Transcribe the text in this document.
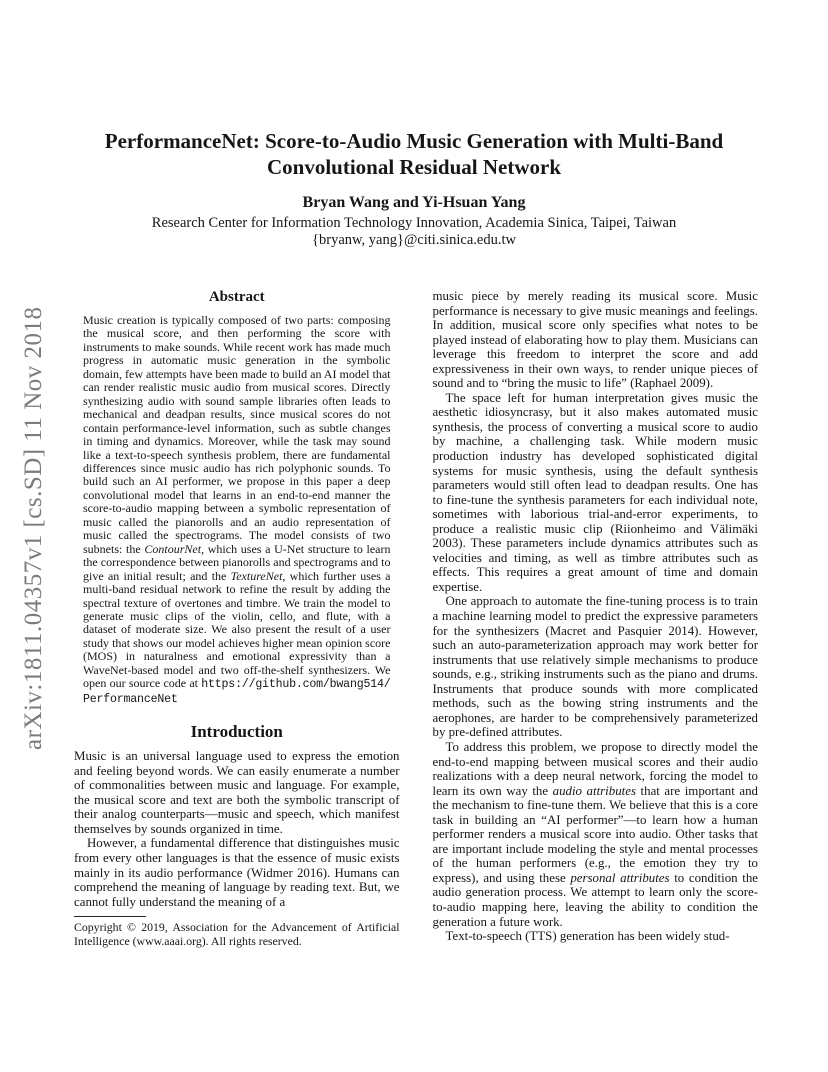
arXiv:1811.04357v1 [cs.SD] 11 Nov 2018
PerformanceNet: Score-to-Audio Music Generation with Multi-Band
Convolutional Residual Network
Bryan Wang and Yi-Hsuan Yang
Research Center for Information Technology Innovation, Academia Sinica, Taipei, Taiwan
{bryanw, yang}@citi.sinica.edu.tw
Abstract

Music creation is typically composed of two parts: composing the musical score, and then performing the score with instruments to make sounds. While recent work has made much progress in automatic music generation in the symbolic domain, few attempts have been made to build an AI model that can render realistic music audio from musical scores. Directly synthesizing audio with sound sample libraries often leads to mechanical and deadpan results, since musical scores do not contain performance-level information, such as subtle changes in timing and dynamics. Moreover, while the task may sound like a text-to-speech synthesis problem, there are fundamental differences since music audio has rich polyphonic sounds. To build such an AI performer, we propose in this paper a deep convolutional model that learns in an end-to-end manner the score-to-audio mapping between a symbolic representation of music called the pianorolls and an audio representation of music called the spectrograms. The model consists of two subnets: the ContourNet, which uses a U-Net structure to learn the correspondence between pianorolls and spectrograms and to give an initial result; and the TextureNet, which further uses a multi-band residual network to refine the result by adding the spectral texture of overtones and timbre. We train the model to generate music clips of the violin, cello, and flute, with a dataset of moderate size. We also present the result of a user study that shows our model achieves higher mean opinion score (MOS) in naturalness and emotional expressivity than a WaveNet-based model and two off-the-shelf synthesizers. We open our source code at https://github.com/bwang514/PerformanceNet

Introduction

Music is an universal language used to express the emotion and feeling beyond words. We can easily enumerate a number of commonalities between music and language. For example, the musical score and text are both the symbolic transcript of their analog counterparts—music and speech, which manifest themselves by sounds organized in time.

However, a fundamental difference that distinguishes music from every other languages is that the essence of music exists mainly in its audio performance (Widmer 2016). Humans can comprehend the meaning of language by reading text. But, we cannot fully understand the meaning of a

Copyright © 2019, Association for the Advancement of Artificial Intelligence (www.aaai.org). All rights reserved.

music piece by merely reading its musical score. Music performance is necessary to give music meanings and feelings. In addition, musical score only specifies what notes to be played instead of elaborating how to play them. Musicians can leverage this freedom to interpret the score and add expressiveness in their own ways, to render unique pieces of sound and to “bring the music to life” (Raphael 2009).

The space left for human interpretation gives music the aesthetic idiosyncrasy, but it also makes automated music synthesis, the process of converting a musical score to audio by machine, a challenging task. While modern music production industry has developed sophisticated digital systems for music synthesis, using the default synthesis parameters would still often lead to deadpan results. One has to fine-tune the synthesis parameters for each individual note, sometimes with laborious trial-and-error experiments, to produce a realistic music clip (Riionheimo and Välimäki 2003). These parameters include dynamics attributes such as velocities and timing, as well as timbre attributes such as effects. This requires a great amount of time and domain expertise.

One approach to automate the fine-tuning process is to train a machine learning model to predict the expressive parameters for the synthesizers (Macret and Pasquier 2014). However, such an auto-parameterization approach may work better for instruments that use relatively simple mechanisms to produce sounds, e.g., striking instruments such as the piano and drums. Instruments that produce sounds with more complicated methods, such as the bowing string instruments and the aerophones, are harder to be comprehensively parameterized by pre-defined attributes.

To address this problem, we propose to directly model the end-to-end mapping between musical scores and their audio realizations with a deep neural network, forcing the model to learn its own way the audio attributes that are important and the mechanism to fine-tune them. We believe that this is a core task in building an “AI performer”—to learn how a human performer renders a musical score into audio. Other tasks that are important include modeling the style and mental processes of the human performers (e.g., the emotion they try to express), and using these personal attributes to condition the audio generation process. We attempt to learn only the score-to-audio mapping here, leaving the ability to condition the generation a future work.

Text-to-speech (TTS) generation has been widely stud-
